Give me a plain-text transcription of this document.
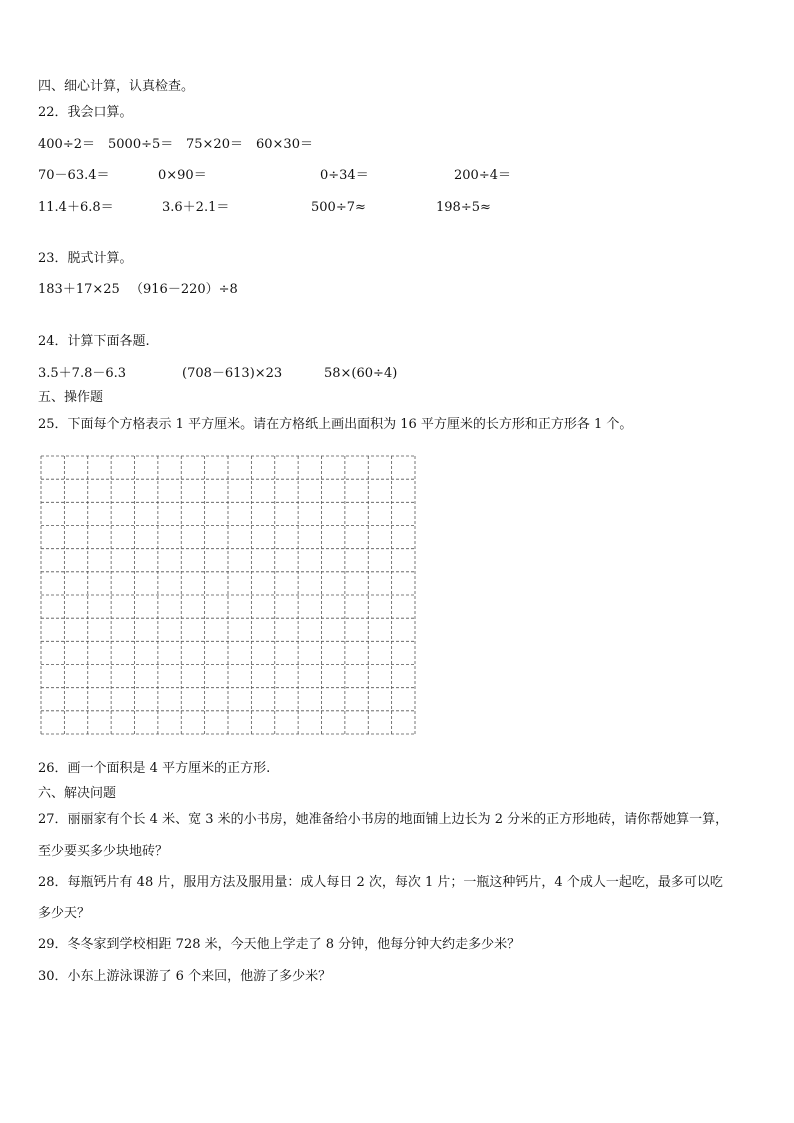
四、细心计算，认真检查。
22．我会口算。
400÷2＝ 5000÷5＝ 75×20＝ 60×30＝
70－63.4＝	0×90＝	0÷34＝	200÷4＝
11.4＋6.8＝	3.6＋2.1＝	500÷7≈	198÷5≈
23．脱式计算。
183＋17×25 （916－220）÷8
24．计算下面各题.
3.5＋7.8－6.3	(708－613)×23	58×(60÷4)
五、操作题
25．下面每个方格表示 1 平方厘米。请在方格纸上画出面积为 16 平方厘米的长方形和正方形各 1 个。
26．画一个面积是 4 平方厘米的正方形.
六、解决问题
27．丽丽家有个长 4 米、宽 3 米的小书房，她准备给小书房的地面铺上边长为 2 分米的正方形地砖，请你帮她算一算，
至少要买多少块地砖？
28．每瓶钙片有 48 片，服用方法及服用量：成人每日 2 次，每次 1 片；一瓶这种钙片，4 个成人一起吃，最多可以吃
多少天？
29．冬冬家到学校相距 728 米，今天他上学走了 8 分钟，他每分钟大约走多少米？
30．小东上游泳课游了 6 个来回，他游了多少米？
